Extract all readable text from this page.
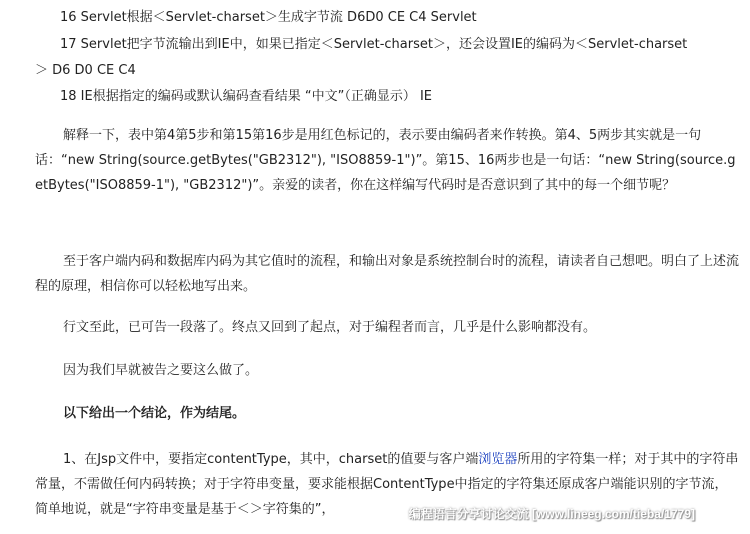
16 Servlet根据＜Servlet-charset＞生成字节流 D6D0 CE C4 Servlet
17 Servlet把字节流输出到IE中，如果已指定＜Servlet-charset＞，还会设置IE的编码为＜Servlet-charset
＞ D6 D0 CE C4
18 IE根据指定的编码或默认编码查看结果 “中文”（正确显示） IE
解释一下，表中第4第5步和第15第16步是用红色标记的，表示要由编码者来作转换。第4、5两步其实就是一句话：“new String(source.getBytes("GB2312"), "ISO8859-1")”。第15、16两步也是一句话：“new String(source.getBytes("ISO8859-1"), "GB2312")”。亲爱的读者，你在这样编写代码时是否意识到了其中的每一个细节呢？
至于客户端内码和数据库内码为其它值时的流程，和输出对象是系统控制台时的流程，请读者自己想吧。明白了上述流程的原理，相信你可以轻松地写出来。
行文至此，已可告一段落了。终点又回到了起点，对于编程者而言，几乎是什么影响都没有。
因为我们早就被告之要这么做了。
以下给出一个结论，作为结尾。
1、在Jsp文件中，要指定contentType，其中，charset的值要与客户端浏览器所用的字符集一样；对于其中的字符串常量，不需做任何内码转换；对于字符串变量，要求能根据ContentType中指定的字符集还原成客户端能识别的字节流，简单地说，就是“字符串变量是基于＜＞字符集的”，	编程语言分享讨论交流 [www.lineeg.com/tieba/1779]
